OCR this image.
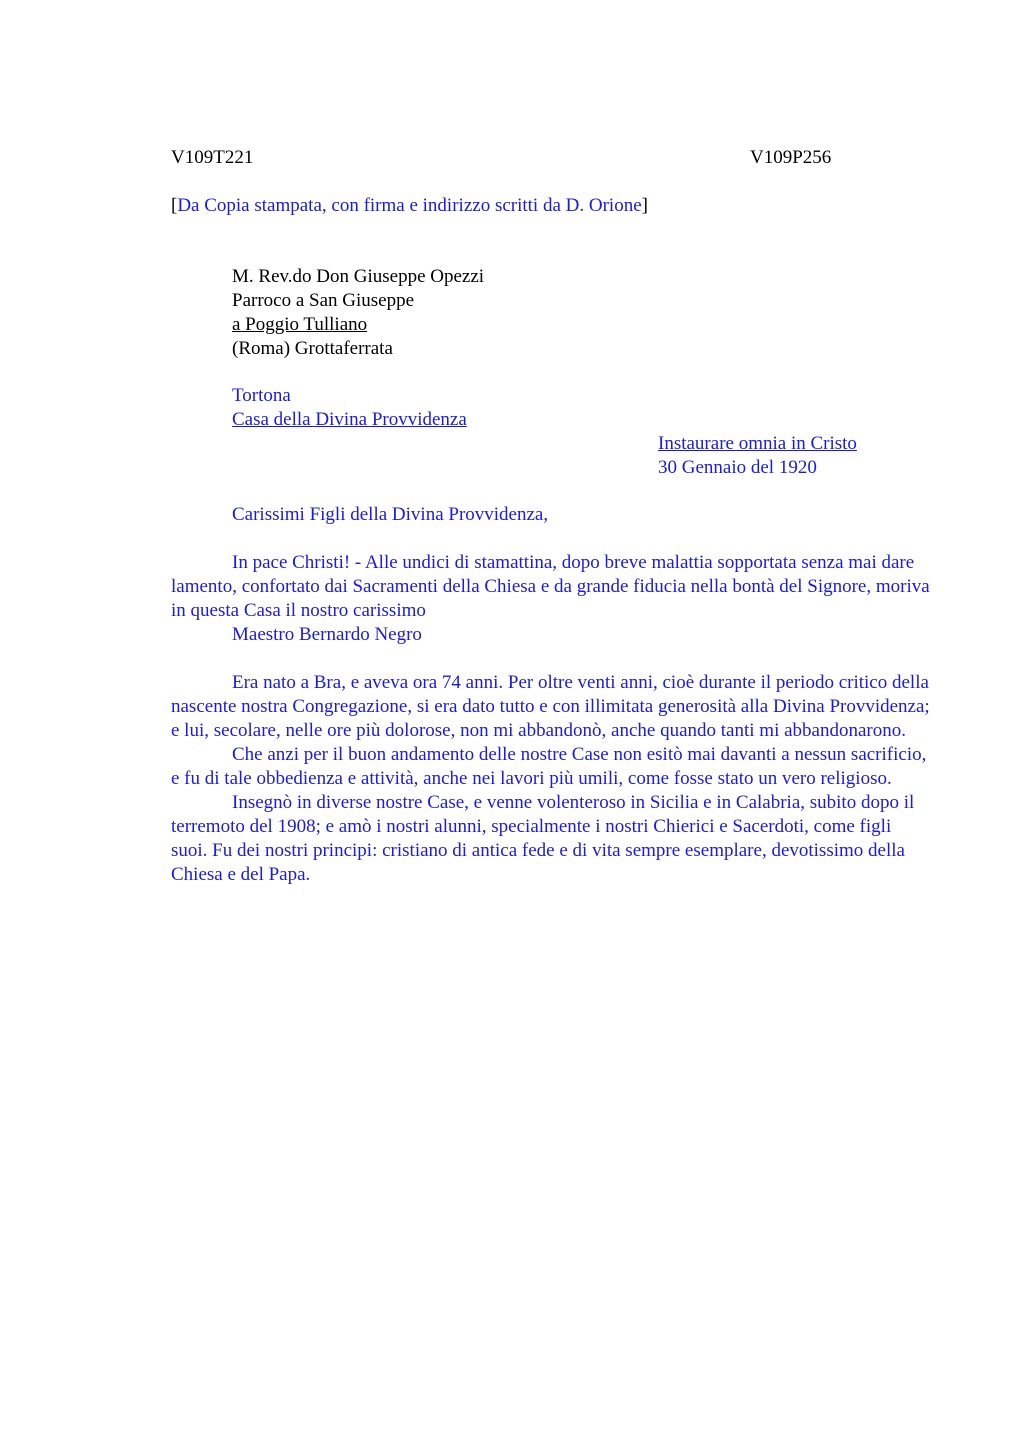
V109T221	V109P256
[Da Copia stampata, con firma e indirizzo scritti da D. Orione]
M. Rev.do Don Giuseppe Opezzi
Parroco a San Giuseppe
a Poggio Tulliano
(Roma) Grottaferrata
Tortona
Casa della Divina Provvidenza
Instaurare omnia in Cristo
30 Gennaio del 1920
Carissimi Figli della Divina Provvidenza,

In pace Christi! - Alle undici di stamattina, dopo breve malattia sopportata senza mai dare lamento, confortato dai Sacramenti della Chiesa e da grande fiducia nella bontà del Signore, moriva in questa Casa il nostro carissimo

Maestro Bernardo Negro

Era nato a Bra, e aveva ora 74 anni. Per oltre venti anni, cioè durante il periodo critico della nascente nostra Congregazione, si era dato tutto e con illimitata generosità alla Divina Provvidenza; e lui, secolare, nelle ore più dolorose, non mi abbandonò, anche quando tanti mi abbandonarono.

Che anzi per il buon andamento delle nostre Case non esitò mai davanti a nessun sacrificio, e fu di tale obbedienza e attività, anche nei lavori più umili, come fosse stato un vero religioso.

Insegnò in diverse nostre Case, e venne volenteroso in Sicilia e in Calabria, subito dopo il terremoto del 1908; e amò i nostri alunni, specialmente i nostri Chierici e Sacerdoti, come figli suoi. Fu dei nostri principi: cristiano di antica fede e di vita sempre esemplare, devotissimo della Chiesa e del Papa.
